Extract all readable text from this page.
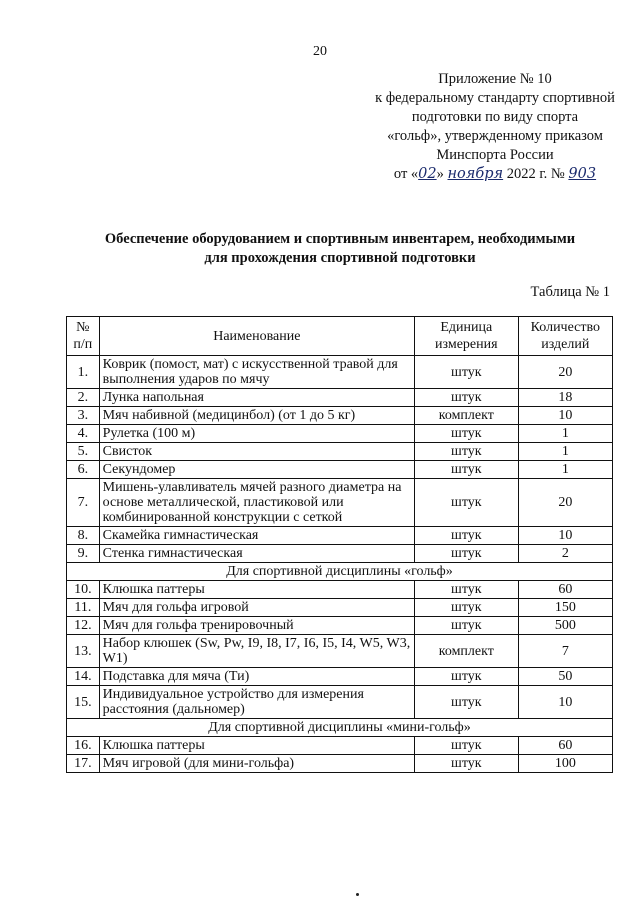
20
Приложение № 10
к федеральному стандарту спортивной
подготовки по виду спорта
«гольф», утвержденному приказом
Минспорта России
от «02» ноября 2022 г. № 903
Обеспечение оборудованием и спортивным инвентарем, необходимыми
для прохождения спортивной подготовки
Таблица № 1
№ п/п	Наименование	Единица измерения	Количество изделий
1.	Коврик (помост, мат) с искусственной травой для выполнения ударов по мячу	штук	20
2.	Лунка напольная	штук	18
3.	Мяч набивной (медицинбол) (от 1 до 5 кг)	комплект	10
4.	Рулетка (100 м)	штук	1
5.	Свисток	штук	1
6.	Секундомер	штук	1
7.	Мишень-улавливатель мячей разного диаметра на основе металлической, пластиковой или комбинированной конструкции с сеткой	штук	20
8.	Скамейка гимнастическая	штук	10
9.	Стенка гимнастическая	штук	2
Для спортивной дисциплины «гольф»			
10.	Клюшка паттеры	штук	60
11.	Мяч для гольфа игровой	штук	150
12.	Мяч для гольфа тренировочный	штук	500
13.	Набор клюшек (Sw, Pw, I9, I8, I7, I6, I5, I4, W5, W3, W1)	комплект	7
14.	Подставка для мяча (Ти)	штук	50
15.	Индивидуальное устройство для измерения расстояния (дальномер)	штук	10
Для спортивной дисциплины «мини-гольф»			
16.	Клюшка паттеры	штук	60
17.	Мяч игровой (для мини-гольфа)	штук	100
